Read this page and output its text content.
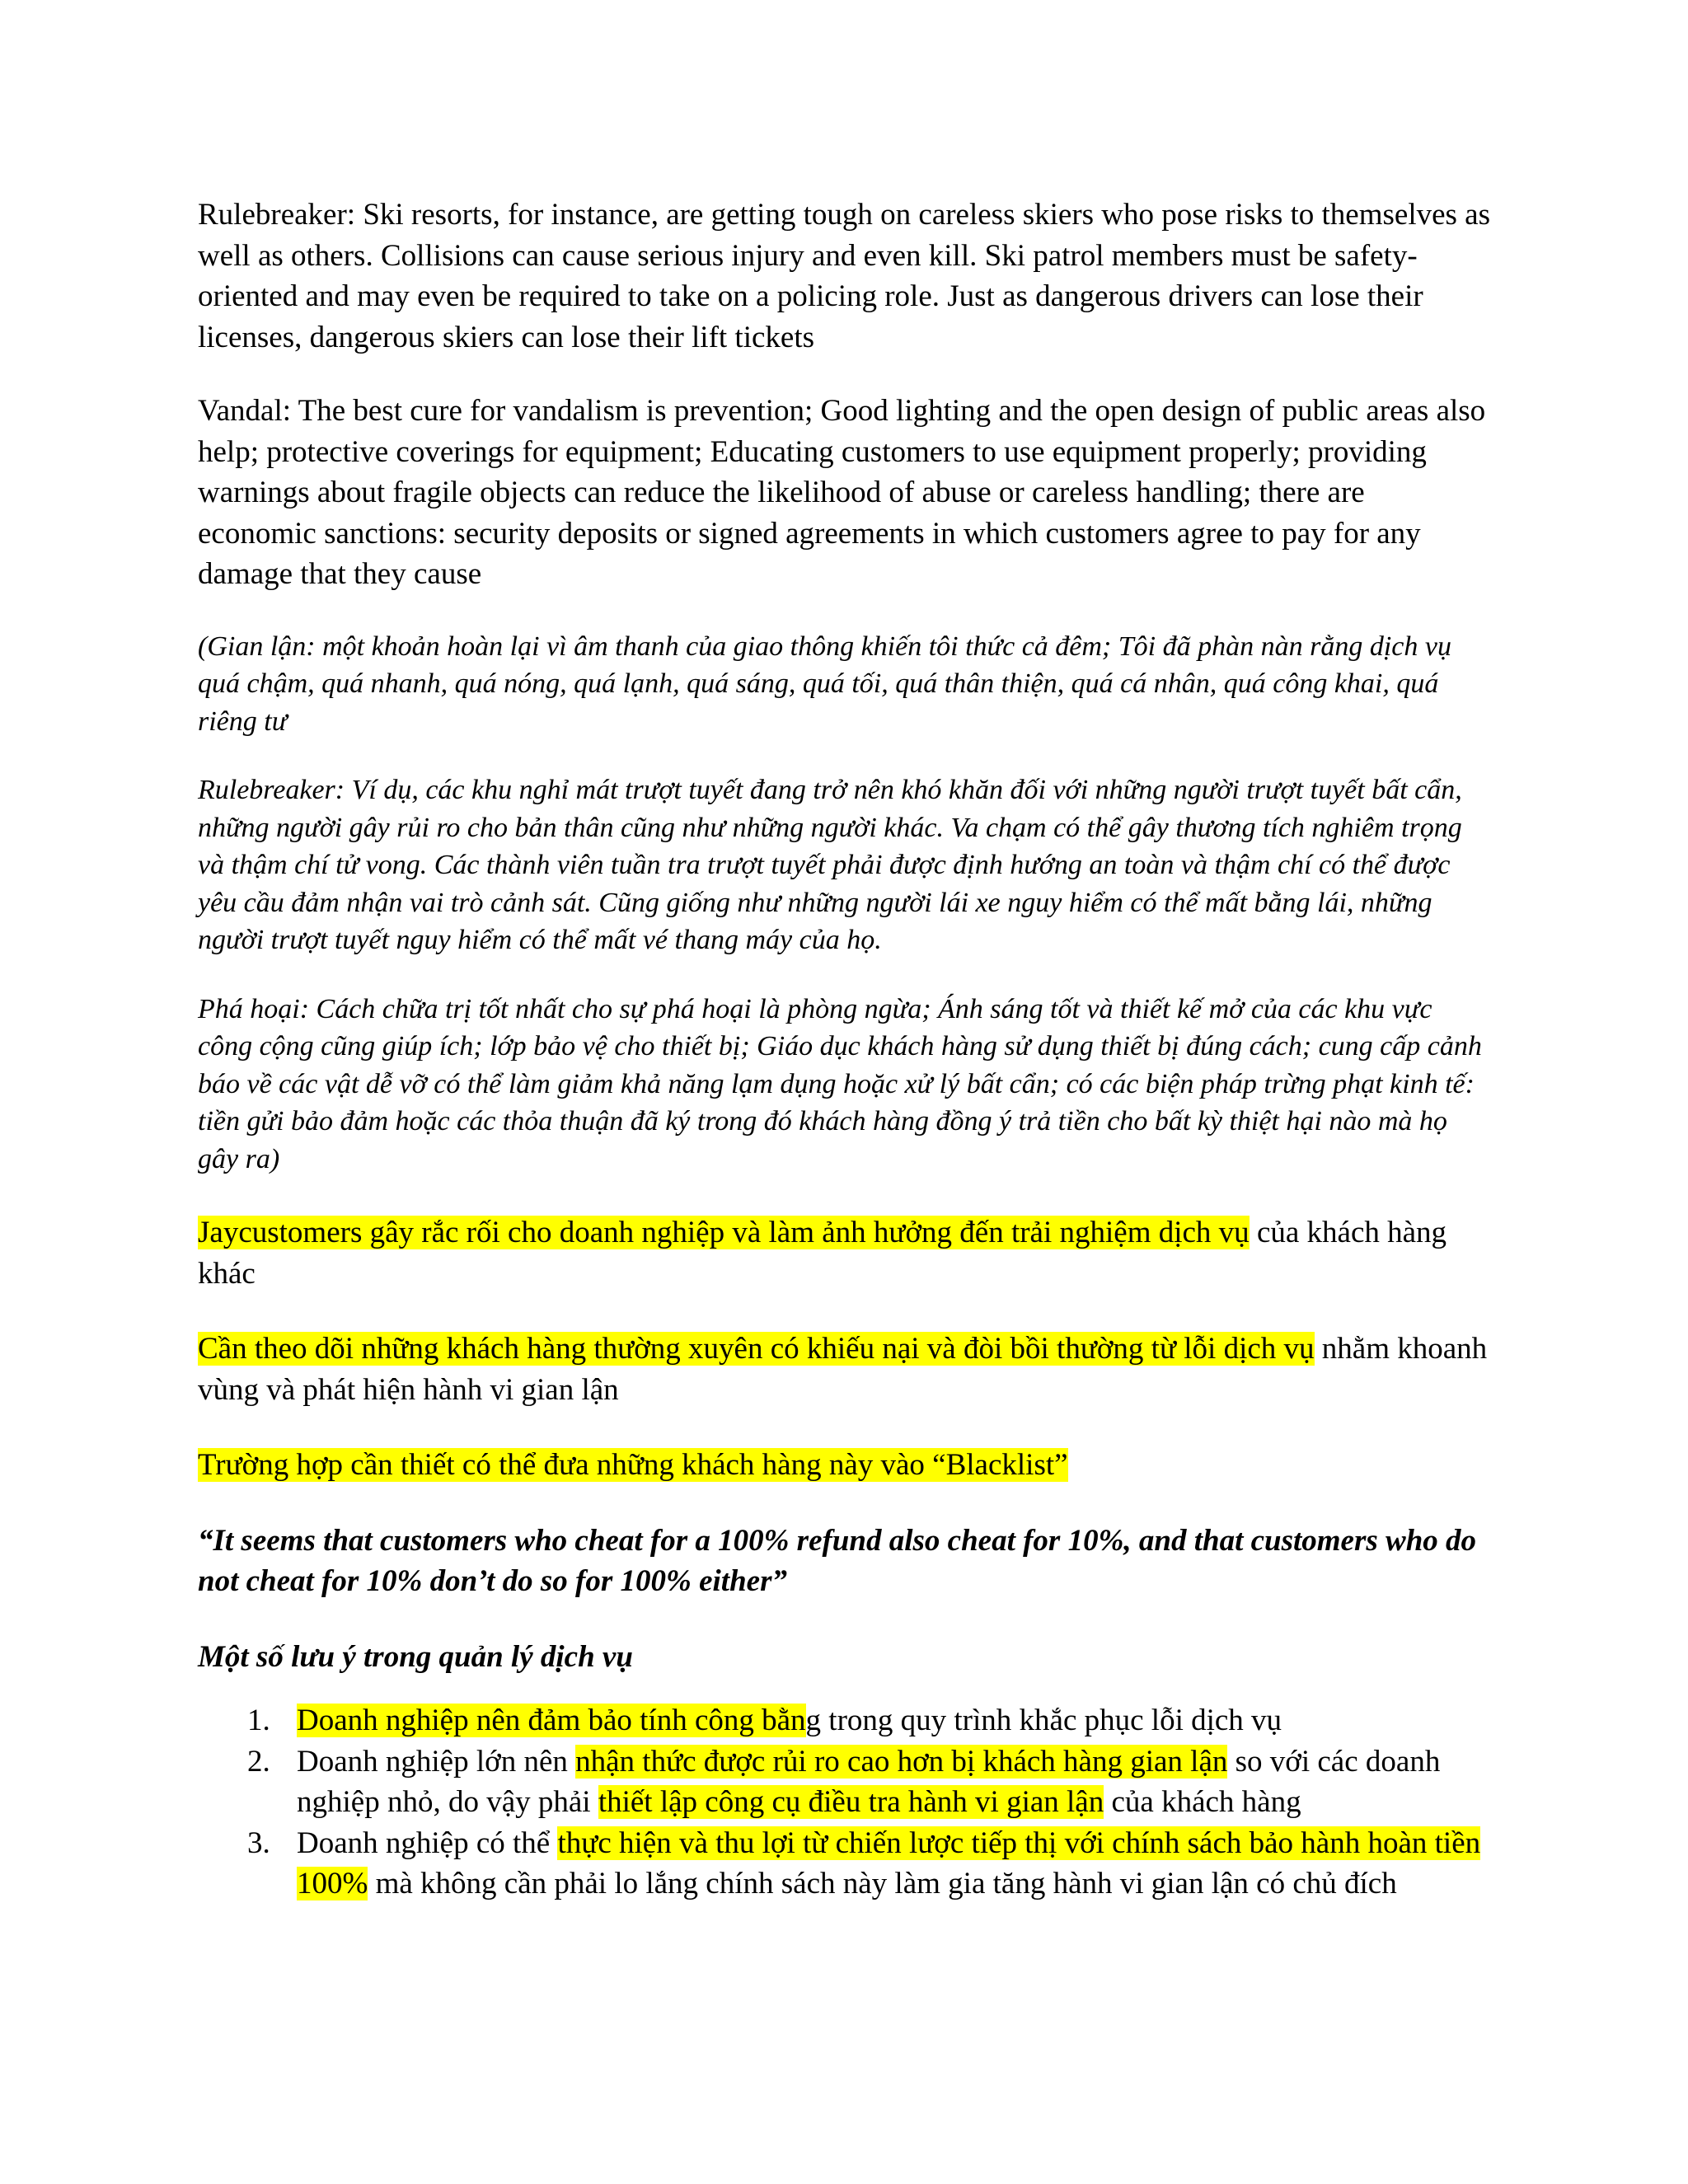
Rulebreaker: Ski resorts, for instance, are getting tough on careless skiers who pose risks to themselves as well as others. Collisions can cause serious injury and even kill. Ski patrol members must be safety-oriented and may even be required to take on a policing role. Just as dangerous drivers can lose their licenses, dangerous skiers can lose their lift tickets

Vandal: The best cure for vandalism is prevention; Good lighting and the open design of public areas also help; protective coverings for equipment; Educating customers to use equipment properly; providing warnings about fragile objects can reduce the likelihood of abuse or careless handling; there are economic sanctions: security deposits or signed agreements in which customers agree to pay for any damage that they cause

(Gian lận: một khoản hoàn lại vì âm thanh của giao thông khiến tôi thức cả đêm; Tôi đã phàn nàn rằng dịch vụ quá chậm, quá nhanh, quá nóng, quá lạnh, quá sáng, quá tối, quá thân thiện, quá cá nhân, quá công khai, quá riêng tư

Rulebreaker: Ví dụ, các khu nghỉ mát trượt tuyết đang trở nên khó khăn đối với những người trượt tuyết bất cẩn, những người gây rủi ro cho bản thân cũng như những người khác. Va chạm có thể gây thương tích nghiêm trọng và thậm chí tử vong. Các thành viên tuần tra trượt tuyết phải được định hướng an toàn và thậm chí có thể được yêu cầu đảm nhận vai trò cảnh sát. Cũng giống như những người lái xe nguy hiểm có thể mất bằng lái, những người trượt tuyết nguy hiểm có thể mất vé thang máy của họ.

Phá hoại: Cách chữa trị tốt nhất cho sự phá hoại là phòng ngừa; Ánh sáng tốt và thiết kế mở của các khu vực công cộng cũng giúp ích; lớp bảo vệ cho thiết bị; Giáo dục khách hàng sử dụng thiết bị đúng cách; cung cấp cảnh báo về các vật dễ vỡ có thể làm giảm khả năng lạm dụng hoặc xử lý bất cẩn; có các biện pháp trừng phạt kinh tế: tiền gửi bảo đảm hoặc các thỏa thuận đã ký trong đó khách hàng đồng ý trả tiền cho bất kỳ thiệt hại nào mà họ gây ra)

Jaycustomers gây rắc rối cho doanh nghiệp và làm ảnh hưởng đến trải nghiệm dịch vụ của khách hàng khác

Cần theo dõi những khách hàng thường xuyên có khiếu nại và đòi bồi thường từ lỗi dịch vụ nhằm khoanh vùng và phát hiện hành vi gian lận

Trường hợp cần thiết có thể đưa những khách hàng này vào “Blacklist”

“It seems that customers who cheat for a 100% refund also cheat for 10%, and that customers who do not cheat for 10% don’t do so for 100% either”

Một số lưu ý trong quản lý dịch vụ

1. Doanh nghiệp nên đảm bảo tính công bằng trong quy trình khắc phục lỗi dịch vụ
2. Doanh nghiệp lớn nên nhận thức được rủi ro cao hơn bị khách hàng gian lận so với các doanh nghiệp nhỏ, do vậy phải thiết lập công cụ điều tra hành vi gian lận của khách hàng
3. Doanh nghiệp có thể thực hiện và thu lợi từ chiến lược tiếp thị với chính sách bảo hành hoàn tiền 100% mà không cần phải lo lắng chính sách này làm gia tăng hành vi gian lận có chủ đích
